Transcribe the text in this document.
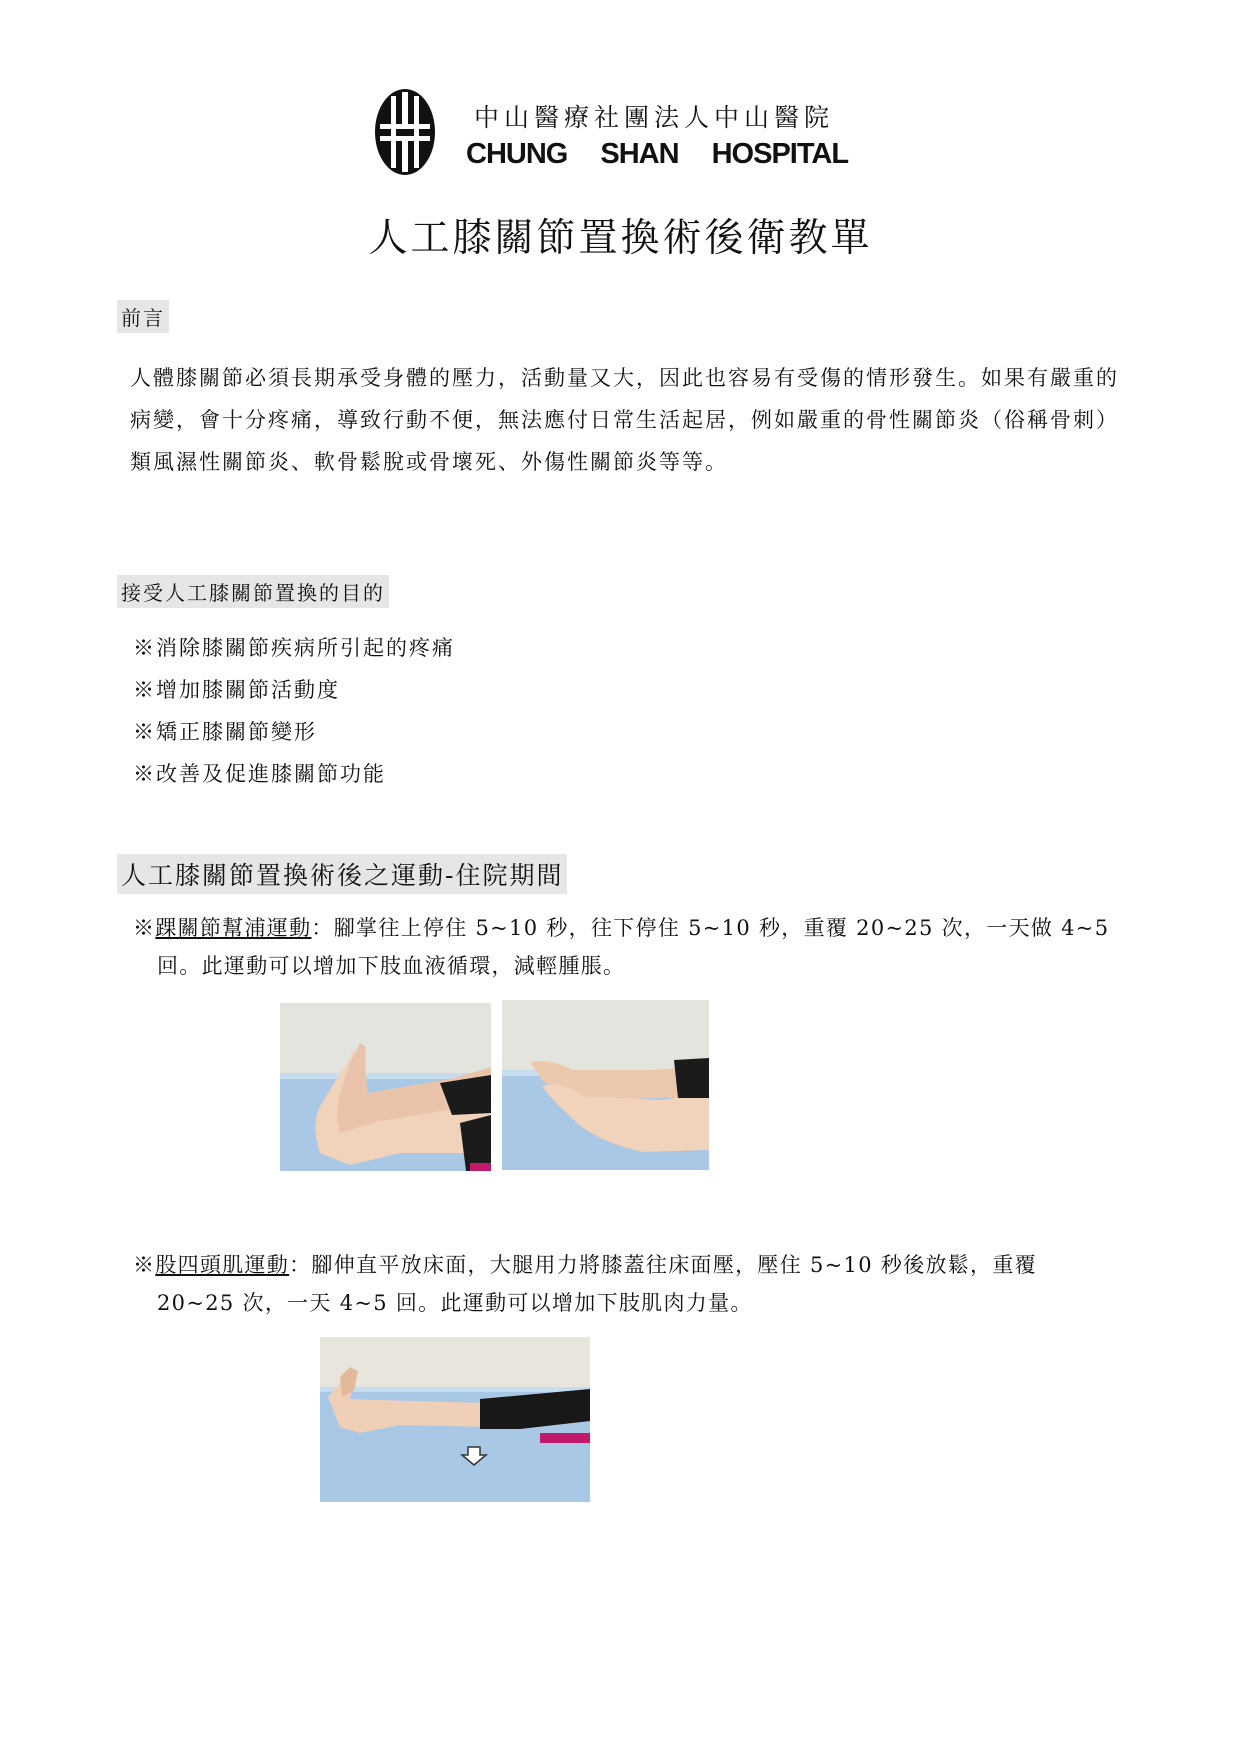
中山醫療社團法人中山醫院
CHUNG SHAN HOSPITAL
人工膝關節置換術後衛教單
前言
人體膝關節必須長期承受身體的壓力，活動量又大，因此也容易有受傷的情形發生。如果有嚴重的病變，會十分疼痛，導致行動不便，無法應付日常生活起居，例如嚴重的骨性關節炎（俗稱骨刺）類風濕性關節炎、軟骨鬆脫或骨壞死、外傷性關節炎等等。
接受人工膝關節置換的目的
※消除膝關節疾病所引起的疼痛
※增加膝關節活動度
※矯正膝關節變形
※改善及促進膝關節功能
人工膝關節置換術後之運動-住院期間
※踝關節幫浦運動：腳掌往上停住 5~10 秒，往下停住 5~10 秒，重覆 20~25 次，一天做 4~5
回。此運動可以增加下肢血液循環，減輕腫脹。
※股四頭肌運動：腳伸直平放床面，大腿用力將膝蓋往床面壓，壓住 5~10 秒後放鬆，重覆
20~25 次，一天 4~5 回。此運動可以增加下肢肌肉力量。
